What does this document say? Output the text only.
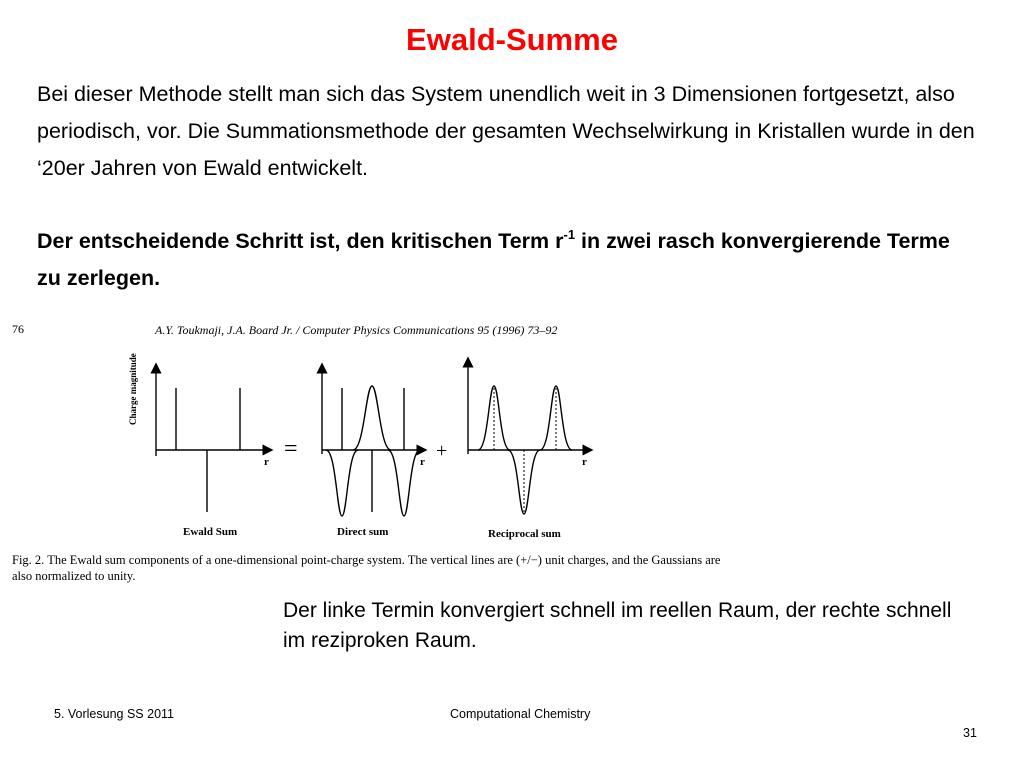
Ewald-Summe

Bei dieser Methode stellt man sich das System unendlich weit in 3 Dimensionen fortgesetzt, also periodisch, vor. Die Summationsmethode der gesamten Wechselwirkung in Kristallen wurde in den ‘20er Jahren von Ewald entwickelt.

Der entscheidende Schritt ist, den kritischen Term $r^{-1}$ in zwei rasch konvergierende Terme zu zerlegen.

76	A.Y. Toukmaji, J.A. Board Jr. / Computer Physics Communications 95 (1996) 73–92
Charge magnitude
r	r	r
=	+
Ewald Sum	Direct sum	Reciprocal sum
Fig. 2. The Ewald sum components of a one-dimensional point-charge system. The vertical lines are (+/−) unit charges, and the Gaussians are also normalized to unity.

Der linke Termin konvergiert schnell im reellen Raum, der rechte schnell im reziproken Raum.

5. Vorlesung SS 2011	Computational Chemistry
31
